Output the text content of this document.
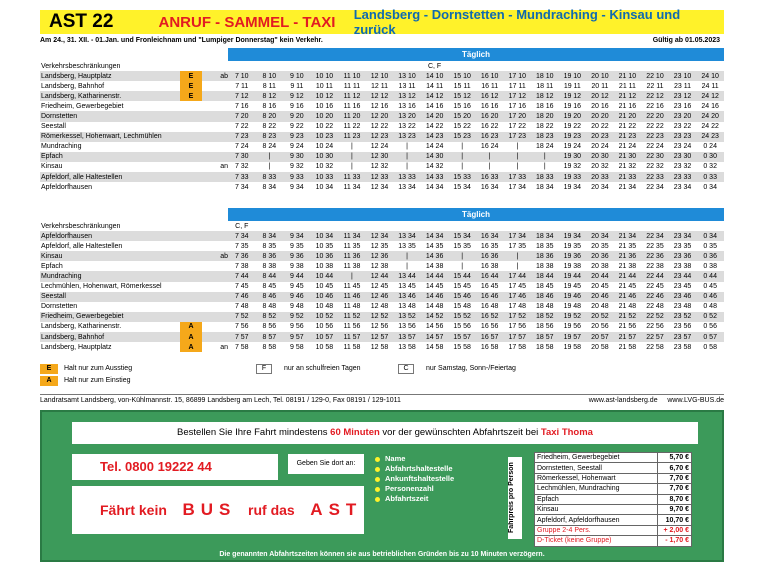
AST 22	ANRUF - SAMMEL - TAXI	Landsberg - Dornstetten - Mundraching - Kinsau und zurück
Am 24., 31. XII. - 01.Jan. und Fronleichnam und "Lumpiger Donnerstag" kein Verkehr.	Gültig ab 01.05.2023
			Täglich																	
Verkehrsbeschränkungen										C, F										
Landsberg, Hauptplatz	E	ab	7 10	8 10	9 10	10 10	11 10	12 10	13 10	14 10	15 10	16 10	17 10	18 10	19 10	20 10	21 10	22 10	23 10	24 10
Landsberg, Bahnhof	E		7 11	8 11	9 11	10 11	11 11	12 11	13 11	14 11	15 11	16 11	17 11	18 11	19 11	20 11	21 11	22 11	23 11	24 11
Landsberg, Katharinenstr.	E		7 12	8 12	9 12	10 12	11 12	12 12	13 12	14 12	15 12	16 12	17 12	18 12	19 12	20 12	21 12	22 12	23 12	24 12
Friedheim, Gewerbegebiet			7 16	8 16	9 16	10 16	11 16	12 16	13 16	14 16	15 16	16 16	17 16	18 16	19 16	20 16	21 16	22 16	23 16	24 16
Dornstetten			7 20	8 20	9 20	10 20	11 20	12 20	13 20	14 20	15 20	16 20	17 20	18 20	19 20	20 20	21 20	22 20	23 20	24 20
Seestall			7 22	8 22	9 22	10 22	11 22	12 22	13 22	14 22	15 22	16 22	17 22	18 22	19 22	20 22	21 22	22 22	23 22	24 22
Römerkessel, Hohenwart, Lechmühlen			7 23	8 23	9 23	10 23	11 23	12 23	13 23	14 23	15 23	16 23	17 23	18 23	19 23	20 23	21 23	22 23	23 23	24 23
Mundraching			7 24	8 24	9 24	10 24	|	12 24	|	14 24	|	16 24	|	18 24	19 24	20 24	21 24	22 24	23 24	0 24
Epfach			7 30	|	9 30	10 30	|	12 30	|	14 30	|	|	|	|	19 30	20 30	21 30	22 30	23 30	0 30
Kinsau		an	7 32	|	9 32	10 32	|	12 32	|	14 32	|	|	|	|	19 32	20 32	21 32	22 32	23 32	0 32
Apfeldorf, alle Haltestellen			7 33	8 33	9 33	10 33	11 33	12 33	13 33	14 33	15 33	16 33	17 33	18 33	19 33	20 33	21 33	22 33	23 33	0 33
Apfeldorfhausen			7 34	8 34	9 34	10 34	11 34	12 34	13 34	14 34	15 34	16 34	17 34	18 34	19 34	20 34	21 34	22 34	23 34	0 34
			Täglich																	
Verkehrsbeschränkungen			C, F																	
Apfeldorfhausen			7 34	8 34	9 34	10 34	11 34	12 34	13 34	14 34	15 34	16 34	17 34	18 34	19 34	20 34	21 34	22 34	23 34	0 34
Apfeldorf, alle Haltestellen			7 35	8 35	9 35	10 35	11 35	12 35	13 35	14 35	15 35	16 35	17 35	18 35	19 35	20 35	21 35	22 35	23 35	0 35
Kinsau		ab	7 36	8 36	9 36	10 36	11 36	12 36	|	14 36	|	16 36	|	18 36	19 36	20 36	21 36	22 36	23 36	0 36
Epfach			7 38	8 38	9 38	10 38	11 38	12 38	|	14 38	|	16 38	|	18 38	19 38	20 38	21 38	22 38	23 38	0 38
Mundraching			7 44	8 44	9 44	10 44	|	12 44	13 44	14 44	15 44	16 44	17 44	18 44	19 44	20 44	21 44	22 44	23 44	0 44
Lechmühlen, Hohenwart, Römerkessel			7 45	8 45	9 45	10 45	11 45	12 45	13 45	14 45	15 45	16 45	17 45	18 45	19 45	20 45	21 45	22 45	23 45	0 45
Seestall			7 46	8 46	9 46	10 46	11 46	12 46	13 46	14 46	15 46	16 46	17 46	18 46	19 46	20 46	21 46	22 46	23 46	0 46
Dornstetten			7 48	8 48	9 48	10 48	11 48	12 48	13 48	14 48	15 48	16 48	17 48	18 48	19 48	20 48	21 48	22 48	23 48	0 48
Friedheim, Gewerbegebiet			7 52	8 52	9 52	10 52	11 52	12 52	13 52	14 52	15 52	16 52	17 52	18 52	19 52	20 52	21 52	22 52	23 52	0 52
Landsberg, Katharinenstr.	A		7 56	8 56	9 56	10 56	11 56	12 56	13 56	14 56	15 56	16 56	17 56	18 56	19 56	20 56	21 56	22 56	23 56	0 56
Landsberg, Bahnhof	A		7 57	8 57	9 57	10 57	11 57	12 57	13 57	14 57	15 57	16 57	17 57	18 57	19 57	20 57	21 57	22 57	23 57	0 57
Landsberg, Hauptplatz	A	an	7 58	8 58	9 58	10 58	11 58	12 58	13 58	14 58	15 58	16 58	17 58	18 58	19 58	20 58	21 58	22 58	23 58	0 58
E	Halt nur zum Ausstieg
A	Halt nur zum Einstieg
F	nur an schulfreien Tagen	C	nur Samstag, Sonn-/Feiertag
Landratsamt Landsberg, von-Kühlmannstr. 15, 86899 Landsberg am Lech, Tel. 08191 / 129-0, Fax 08191 / 129-1011	www.ast-landsberg.de www.LVG-BUS.de
Bestellen Sie Ihre Fahrt mindestens 60 Minuten vor der gewünschten Abfahrtszeit bei Taxi Thoma
Tel. 0800 19222 44	Geben Sie dort an:
Name
Abfahrtshaltestelle
Ankunftshaltestelle
Personenzahl
Abfahrtszeit
Fährt kein BUS ruf das AST	Fahrpreis pro Person
Friedheim, Gewerbegebiet	5,70 €
Dornstetten, Seestall	6,70 €
Römerkessel, Hohenwart	7,70 €
Lechmühlen, Mundraching	7,70 €
Epfach	8,70 €
Kinsau	9,70 €
Apfeldorf, Apfeldorfhausen	10,70 €
Gruppe 2-4 Pers.	+ 2,00 €
D-Ticket (keine Gruppe)	- 1,70 €
Die genannten Abfahrtszeiten können sie aus betrieblichen Gründen bis zu 10 Minuten verzögern.
